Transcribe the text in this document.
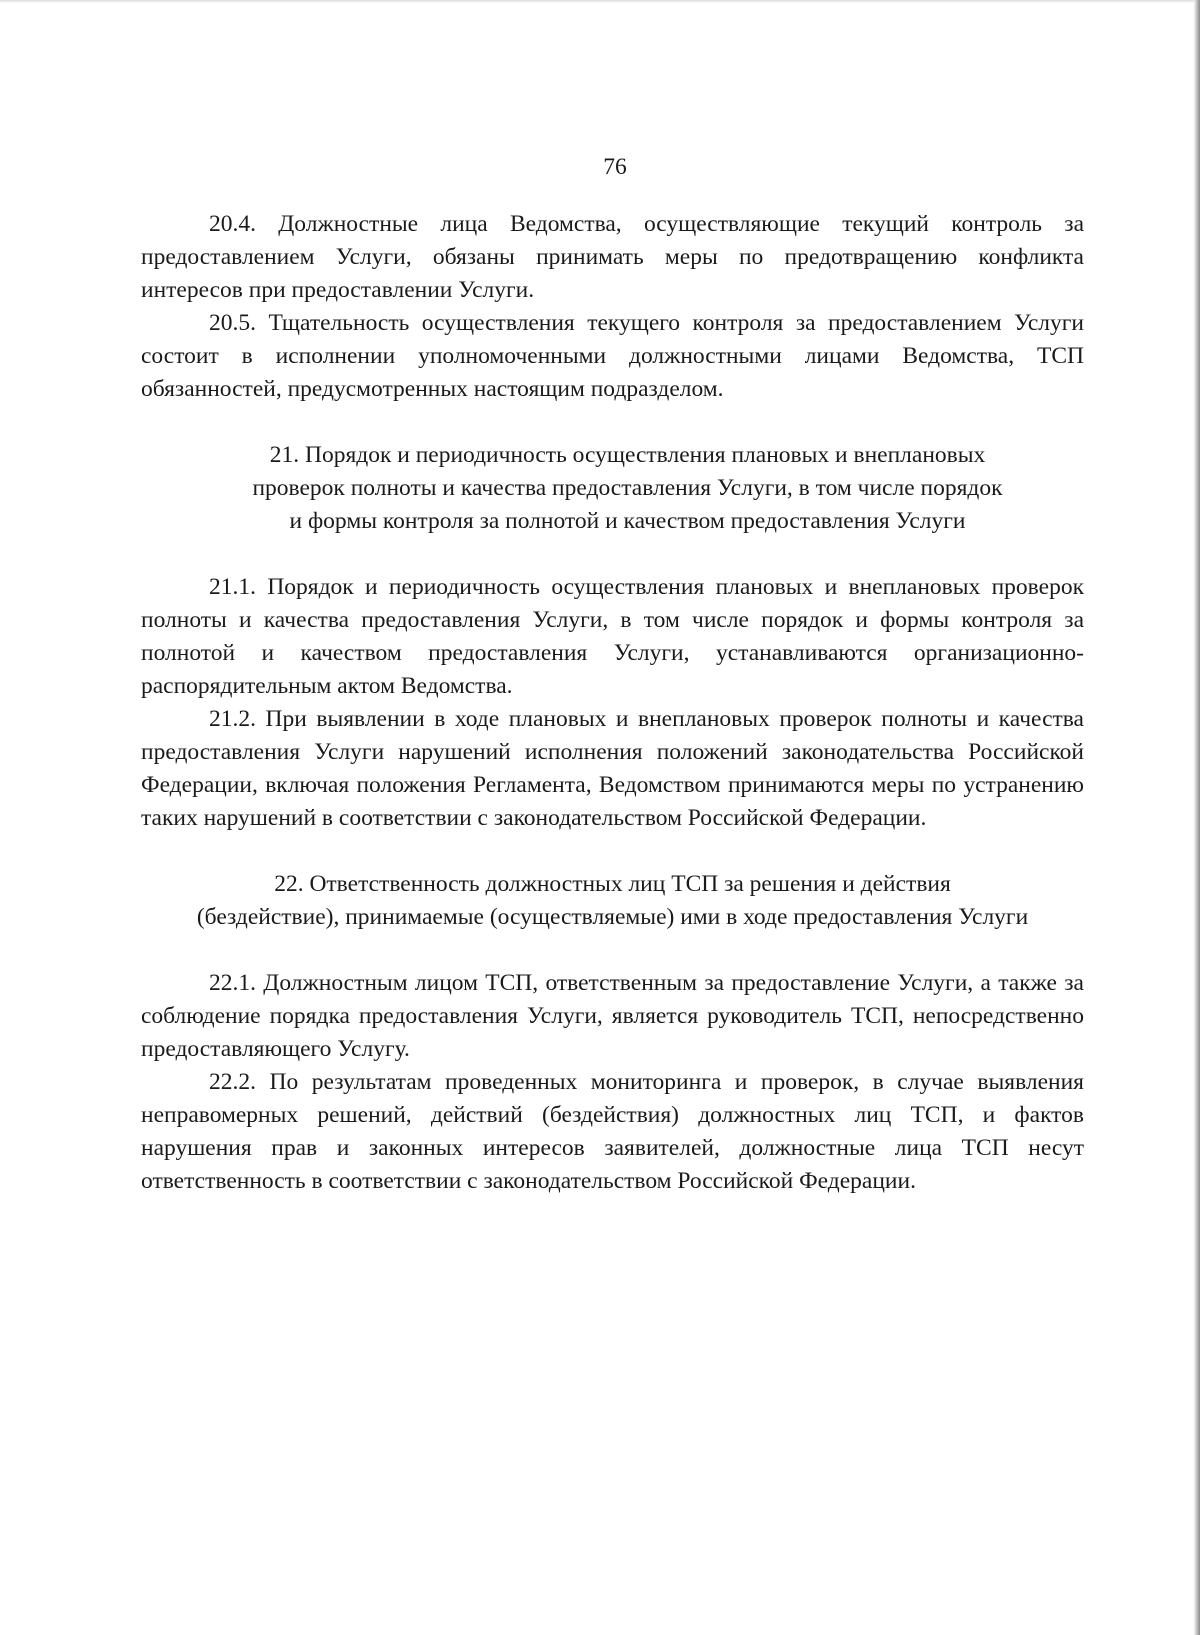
76

20.4. Должностные лица Ведомства, осуществляющие текущий контроль за предоставлением Услуги, обязаны принимать меры по предотвращению конфликта интересов при предоставлении Услуги.

20.5. Тщательность осуществления текущего контроля за предоставлением Услуги состоит в исполнении уполномоченными должностными лицами Ведомства, ТСП обязанностей, предусмотренных настоящим подразделом.

21. Порядок и периодичность осуществления плановых и внеплановых
проверок полноты и качества предоставления Услуги, в том числе порядок
и формы контроля за полнотой и качеством предоставления Услуги

21.1. Порядок и периодичность осуществления плановых и внеплановых проверок полноты и качества предоставления Услуги, в том числе порядок и формы контроля за полнотой и качеством предоставления Услуги, устанавливаются организационно-распорядительным актом Ведомства.

21.2. При выявлении в ходе плановых и внеплановых проверок полноты и качества предоставления Услуги нарушений исполнения положений законодательства Российской Федерации, включая положения Регламента, Ведомством принимаются меры по устранению таких нарушений в соответствии с законодательством Российской Федерации.

22. Ответственность должностных лиц ТСП за решения и действия
(бездействие), принимаемые (осуществляемые) ими в ходе предоставления Услуги

22.1. Должностным лицом ТСП, ответственным за предоставление Услуги, а также за соблюдение порядка предоставления Услуги, является руководитель ТСП, непосредственно предоставляющего Услугу.

22.2. По результатам проведенных мониторинга и проверок, в случае выявления неправомерных решений, действий (бездействия) должностных лиц ТСП, и фактов нарушения прав и законных интересов заявителей, должностные лица ТСП несут ответственность в соответствии с законодательством Российской Федерации.
